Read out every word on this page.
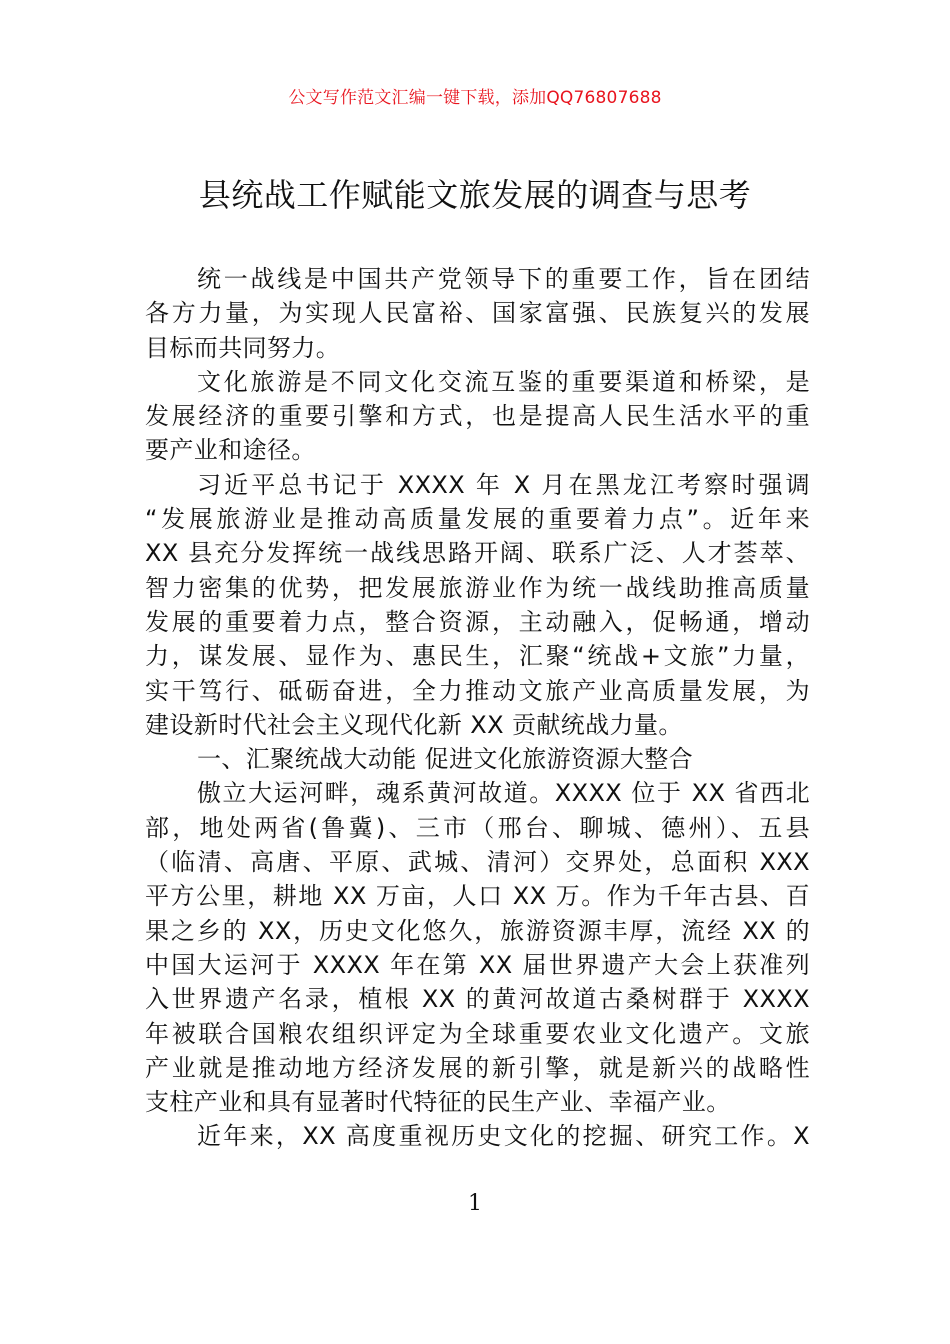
公文写作范文汇编一键下载，添加QQ76807688
县统战工作赋能文旅发展的调查与思考
统一战线是中国共产党领导下的重要工作，旨在团结
各方力量，为实现人民富裕、国家富强、民族复兴的发展
目标而共同努力。
文化旅游是不同文化交流互鉴的重要渠道和桥梁，是
发展经济的重要引擎和方式，也是提高人民生活水平的重
要产业和途径。
习近平总书记于 XXXX 年 X 月在黑龙江考察时强调
“发展旅游业是推动高质量发展的重要着力点”。近年来
XX 县充分发挥统一战线思路开阔、联系广泛、人才荟萃、
智力密集的优势，把发展旅游业作为统一战线助推高质量
发展的重要着力点，整合资源，主动融入，促畅通，增动
力，谋发展、显作为、惠民生，汇聚“统战+文旅”力量，
实干笃行、砥砺奋进，全力推动文旅产业高质量发展，为
建设新时代社会主义现代化新 XX 贡献统战力量。
一、汇聚统战大动能 促进文化旅游资源大整合
傲立大运河畔，魂系黄河故道。XXXX 位于 XX 省西北
部，地处两省(鲁冀)、三市（邢台、聊城、德州）、五县
（临清、高唐、平原、武城、清河）交界处，总面积 XXX
平方公里，耕地 XX 万亩，人口 XX 万。作为千年古县、百
果之乡的 XX，历史文化悠久，旅游资源丰厚，流经 XX 的
中国大运河于 XXXX 年在第 XX 届世界遗产大会上获准列
入世界遗产名录，植根 XX 的黄河故道古桑树群于 XXXX
年被联合国粮农组织评定为全球重要农业文化遗产。文旅
产业就是推动地方经济发展的新引擎，就是新兴的战略性
支柱产业和具有显著时代特征的民生产业、幸福产业。
近年来，XX 高度重视历史文化的挖掘、研究工作。X
1
